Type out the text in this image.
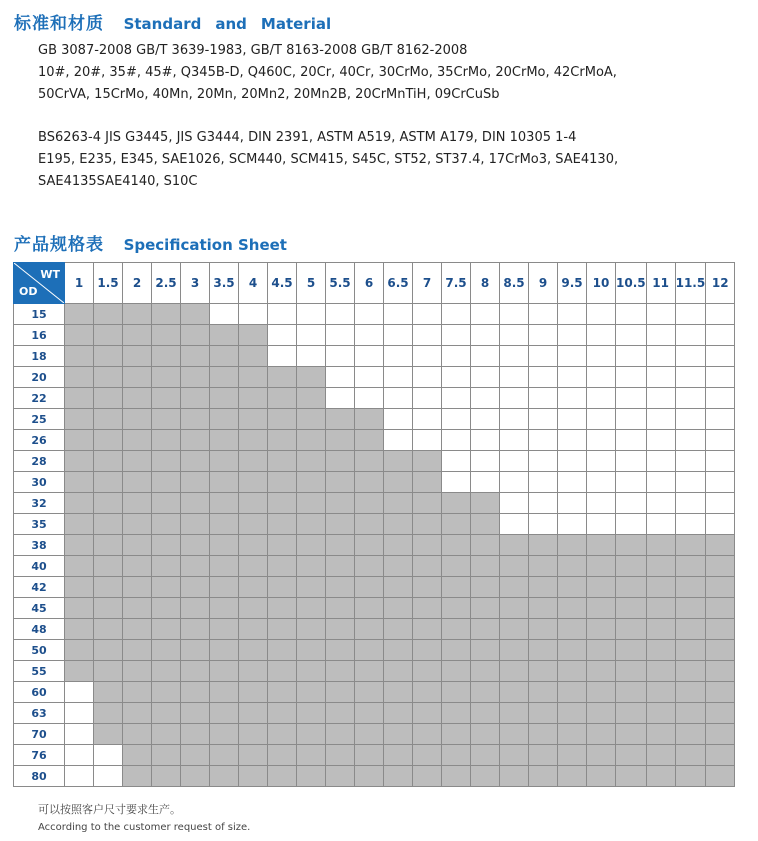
标准和材质 Standard and Material
GB 3087-2008 GB/T 3639-1983, GB/T 8163-2008 GB/T 8162-2008
10#, 20#, 35#, 45#, Q345B-D, Q460C, 20Cr, 40Cr, 30CrMo, 35CrMo, 20CrMo, 42CrMoA,
50CrVA, 15CrMo, 40Mn, 20Mn, 20Mn2, 20Mn2B, 20CrMnTiH, 09CrCuSb
BS6263-4 JIS G3445, JIS G3444, DIN 2391, ASTM A519, ASTM A179, DIN 10305 1-4
E195, E235, E345, SAE1026, SCM440, SCM415, S45C, ST52, ST37.4, 17CrMo3, SAE4130,
SAE4135SAE4140, S10C
产品规格表 Specification Sheet
WT
OD	1	1.5	2	2.5	3	3.5	4	4.5	5	5.5	6	6.5	7	7.5	8	8.5	9	9.5	10	10.5	11	11.5	12
15																							
16																							
18																							
20																							
22																							
25																							
26																							
28																							
30																							
32																							
35																							
38																							
40																							
42																							
45																							
48																							
50																							
55																							
60																							
63																							
70																							
76																							
80																							
可以按照客户尺寸要求生产。
According to the customer request of size.
